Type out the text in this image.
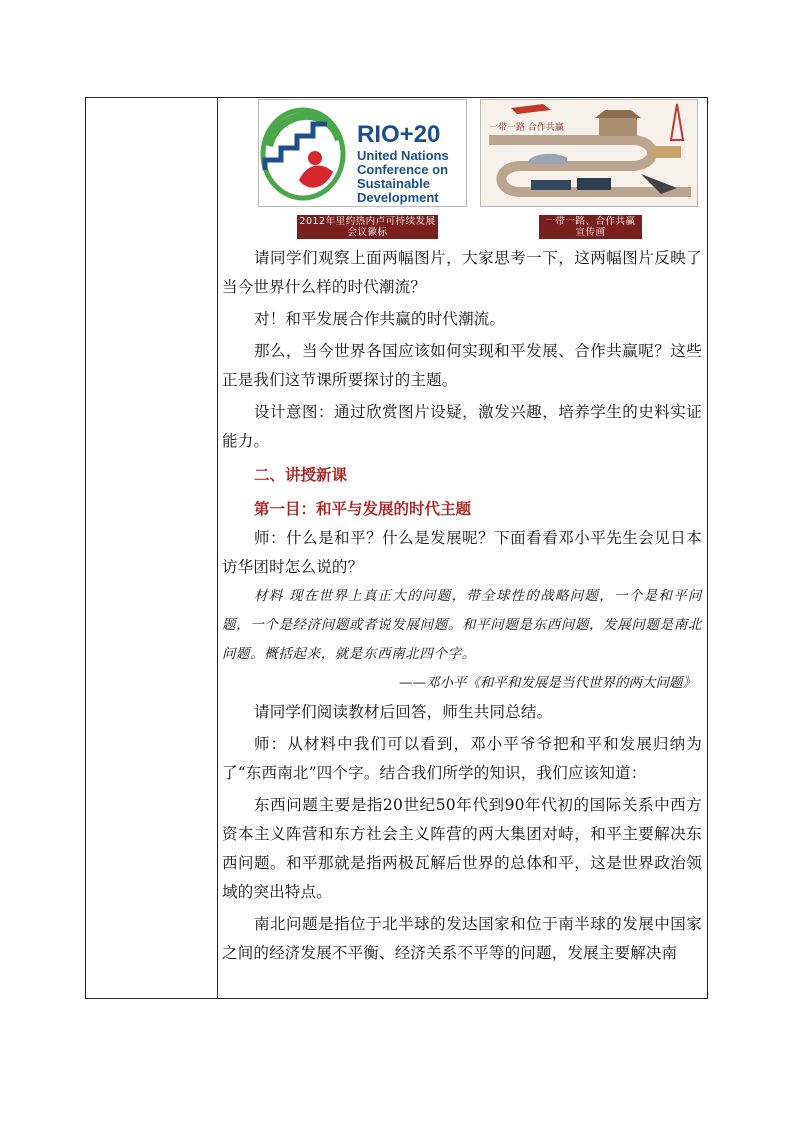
RIO+20
United Nations
Conference on
Sustainable
Development
一带一路 合作共赢
2012年里约热内卢可持续发展会议徽标
一带一路、合作共赢宣传画

请同学们观察上面两幅图片，大家思考一下，这两幅图片反映了当今世界什么样的时代潮流？

对！和平发展合作共赢的时代潮流。

那么，当今世界各国应该如何实现和平发展、合作共赢呢？这些正是我们这节课所要探讨的主题。

设计意图：通过欣赏图片设疑，激发兴趣，培养学生的史料实证能力。

二、讲授新课

第一目：和平与发展的时代主题

师：什么是和平？什么是发展呢？下面看看邓小平先生会见日本访华团时怎么说的？

材料 现在世界上真正大的问题，带全球性的战略问题，一个是和平问题，一个是经济问题或者说发展问题。和平问题是东西问题，发展问题是南北问题。概括起来，就是东西南北四个字。

——邓小平《和平和发展是当代世界的两大问题》

请同学们阅读教材后回答，师生共同总结。

师：从材料中我们可以看到，邓小平爷爷把和平和发展归纳为了“东西南北”四个字。结合我们所学的知识，我们应该知道：

东西问题主要是指20世纪50年代到90年代初的国际关系中西方资本主义阵营和东方社会主义阵营的两大集团对峙，和平主要解决东西问题。和平那就是指两极瓦解后世界的总体和平，这是世界政治领域的突出特点。

南北问题是指位于北半球的发达国家和位于南半球的发展中国家之间的经济发展不平衡、经济关系不平等的问题，发展主要解决南
